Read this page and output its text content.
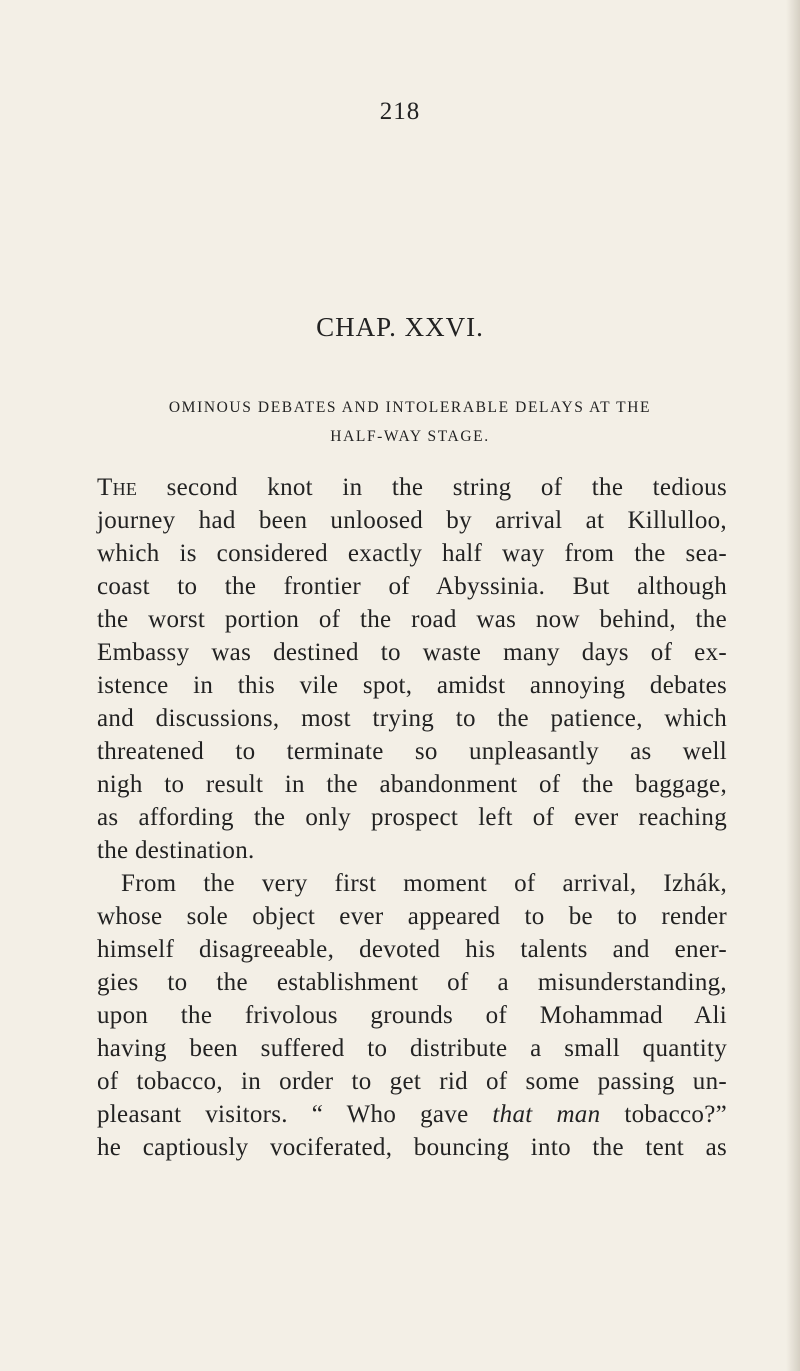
218
CHAP. XXVI.
OMINOUS DEBATES AND INTOLERABLE DELAYS AT THE
HALF-WAY STAGE.
The second knot in the string of the tedious
journey had been unloosed by arrival at Killulloo,
which is considered exactly half way from the sea-
coast to the frontier of Abyssinia. But although
the worst portion of the road was now behind, the
Embassy was destined to waste many days of ex-
istence in this vile spot, amidst annoying debates
and discussions, most trying to the patience, which
threatened to terminate so unpleasantly as well
nigh to result in the abandonment of the baggage,
as affording the only prospect left of ever reaching
the destination.
From the very first moment of arrival, Izhák,
whose sole object ever appeared to be to render
himself disagreeable, devoted his talents and ener-
gies to the establishment of a misunderstanding,
upon the frivolous grounds of Mohammad Ali
having been suffered to distribute a small quantity
of tobacco, in order to get rid of some passing un-
pleasant visitors. “ Who gave that man tobacco?”
he captiously vociferated, bouncing into the tent as
